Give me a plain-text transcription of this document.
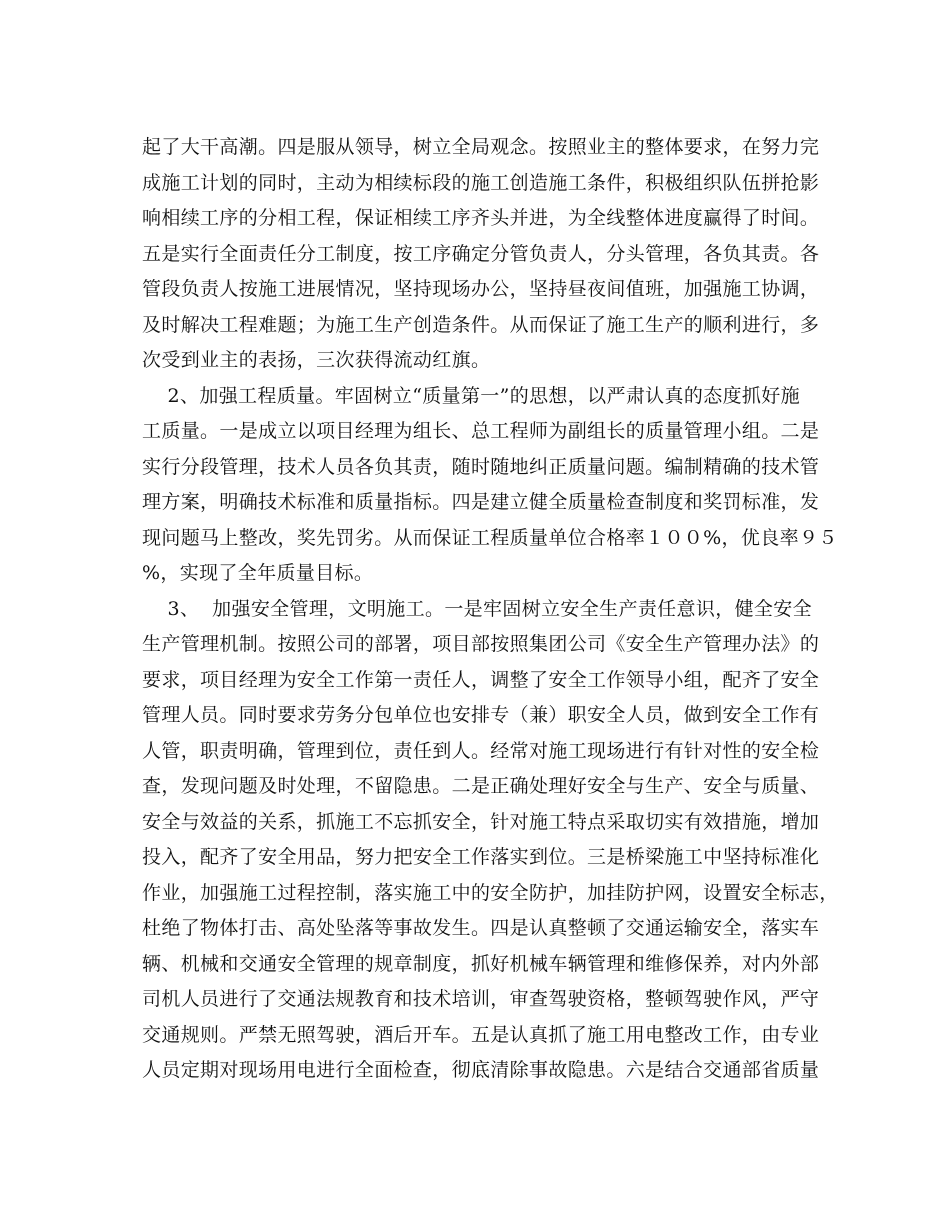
起了大干高潮。四是服从领导，树立全局观念。按照业主的整体要求，在努力完
成施工计划的同时，主动为相续标段的施工创造施工条件，积极组织队伍拼抢影
响相续工序的分相工程，保证相续工序齐头并进，为全线整体进度赢得了时间。
五是实行全面责任分工制度，按工序确定分管负责人，分头管理，各负其责。各
管段负责人按施工进展情况，坚持现场办公，坚持昼夜间值班，加强施工协调，
及时解决工程难题；为施工生产创造条件。从而保证了施工生产的顺利进行，多
次受到业主的表扬，三次获得流动红旗。
2、加强工程质量。牢固树立“质量第一”的思想，以严肃认真的态度抓好施
工质量。一是成立以项目经理为组长、总工程师为副组长的质量管理小组。二是
实行分段管理，技术人员各负其责，随时随地纠正质量问题。编制精确的技术管
理方案，明确技术标准和质量指标。四是建立健全质量检查制度和奖罚标准，发
现问题马上整改，奖先罚劣。从而保证工程质量单位合格率１００%，优良率９５
%，实现了全年质量目标。
3、  加强安全管理，文明施工。一是牢固树立安全生产责任意识，健全安全
生产管理机制。按照公司的部署，项目部按照集团公司《安全生产管理办法》的
要求，项目经理为安全工作第一责任人，调整了安全工作领导小组，配齐了安全
管理人员。同时要求劳务分包单位也安排专（兼）职安全人员，做到安全工作有
人管，职责明确，管理到位，责任到人。经常对施工现场进行有针对性的安全检
查，发现问题及时处理，不留隐患。二是正确处理好安全与生产、安全与质量、
安全与效益的关系，抓施工不忘抓安全，针对施工特点采取切实有效措施，增加
投入，配齐了安全用品，努力把安全工作落实到位。三是桥梁施工中坚持标准化
作业，加强施工过程控制，落实施工中的安全防护，加挂防护网，设置安全标志，
杜绝了物体打击、高处坠落等事故发生。四是认真整顿了交通运输安全，落实车
辆、机械和交通安全管理的规章制度，抓好机械车辆管理和维修保养，对内外部
司机人员进行了交通法规教育和技术培训，审查驾驶资格，整顿驾驶作风，严守
交通规则。严禁无照驾驶，酒后开车。五是认真抓了施工用电整改工作，由专业
人员定期对现场用电进行全面检查，彻底清除事故隐患。六是结合交通部省质量
